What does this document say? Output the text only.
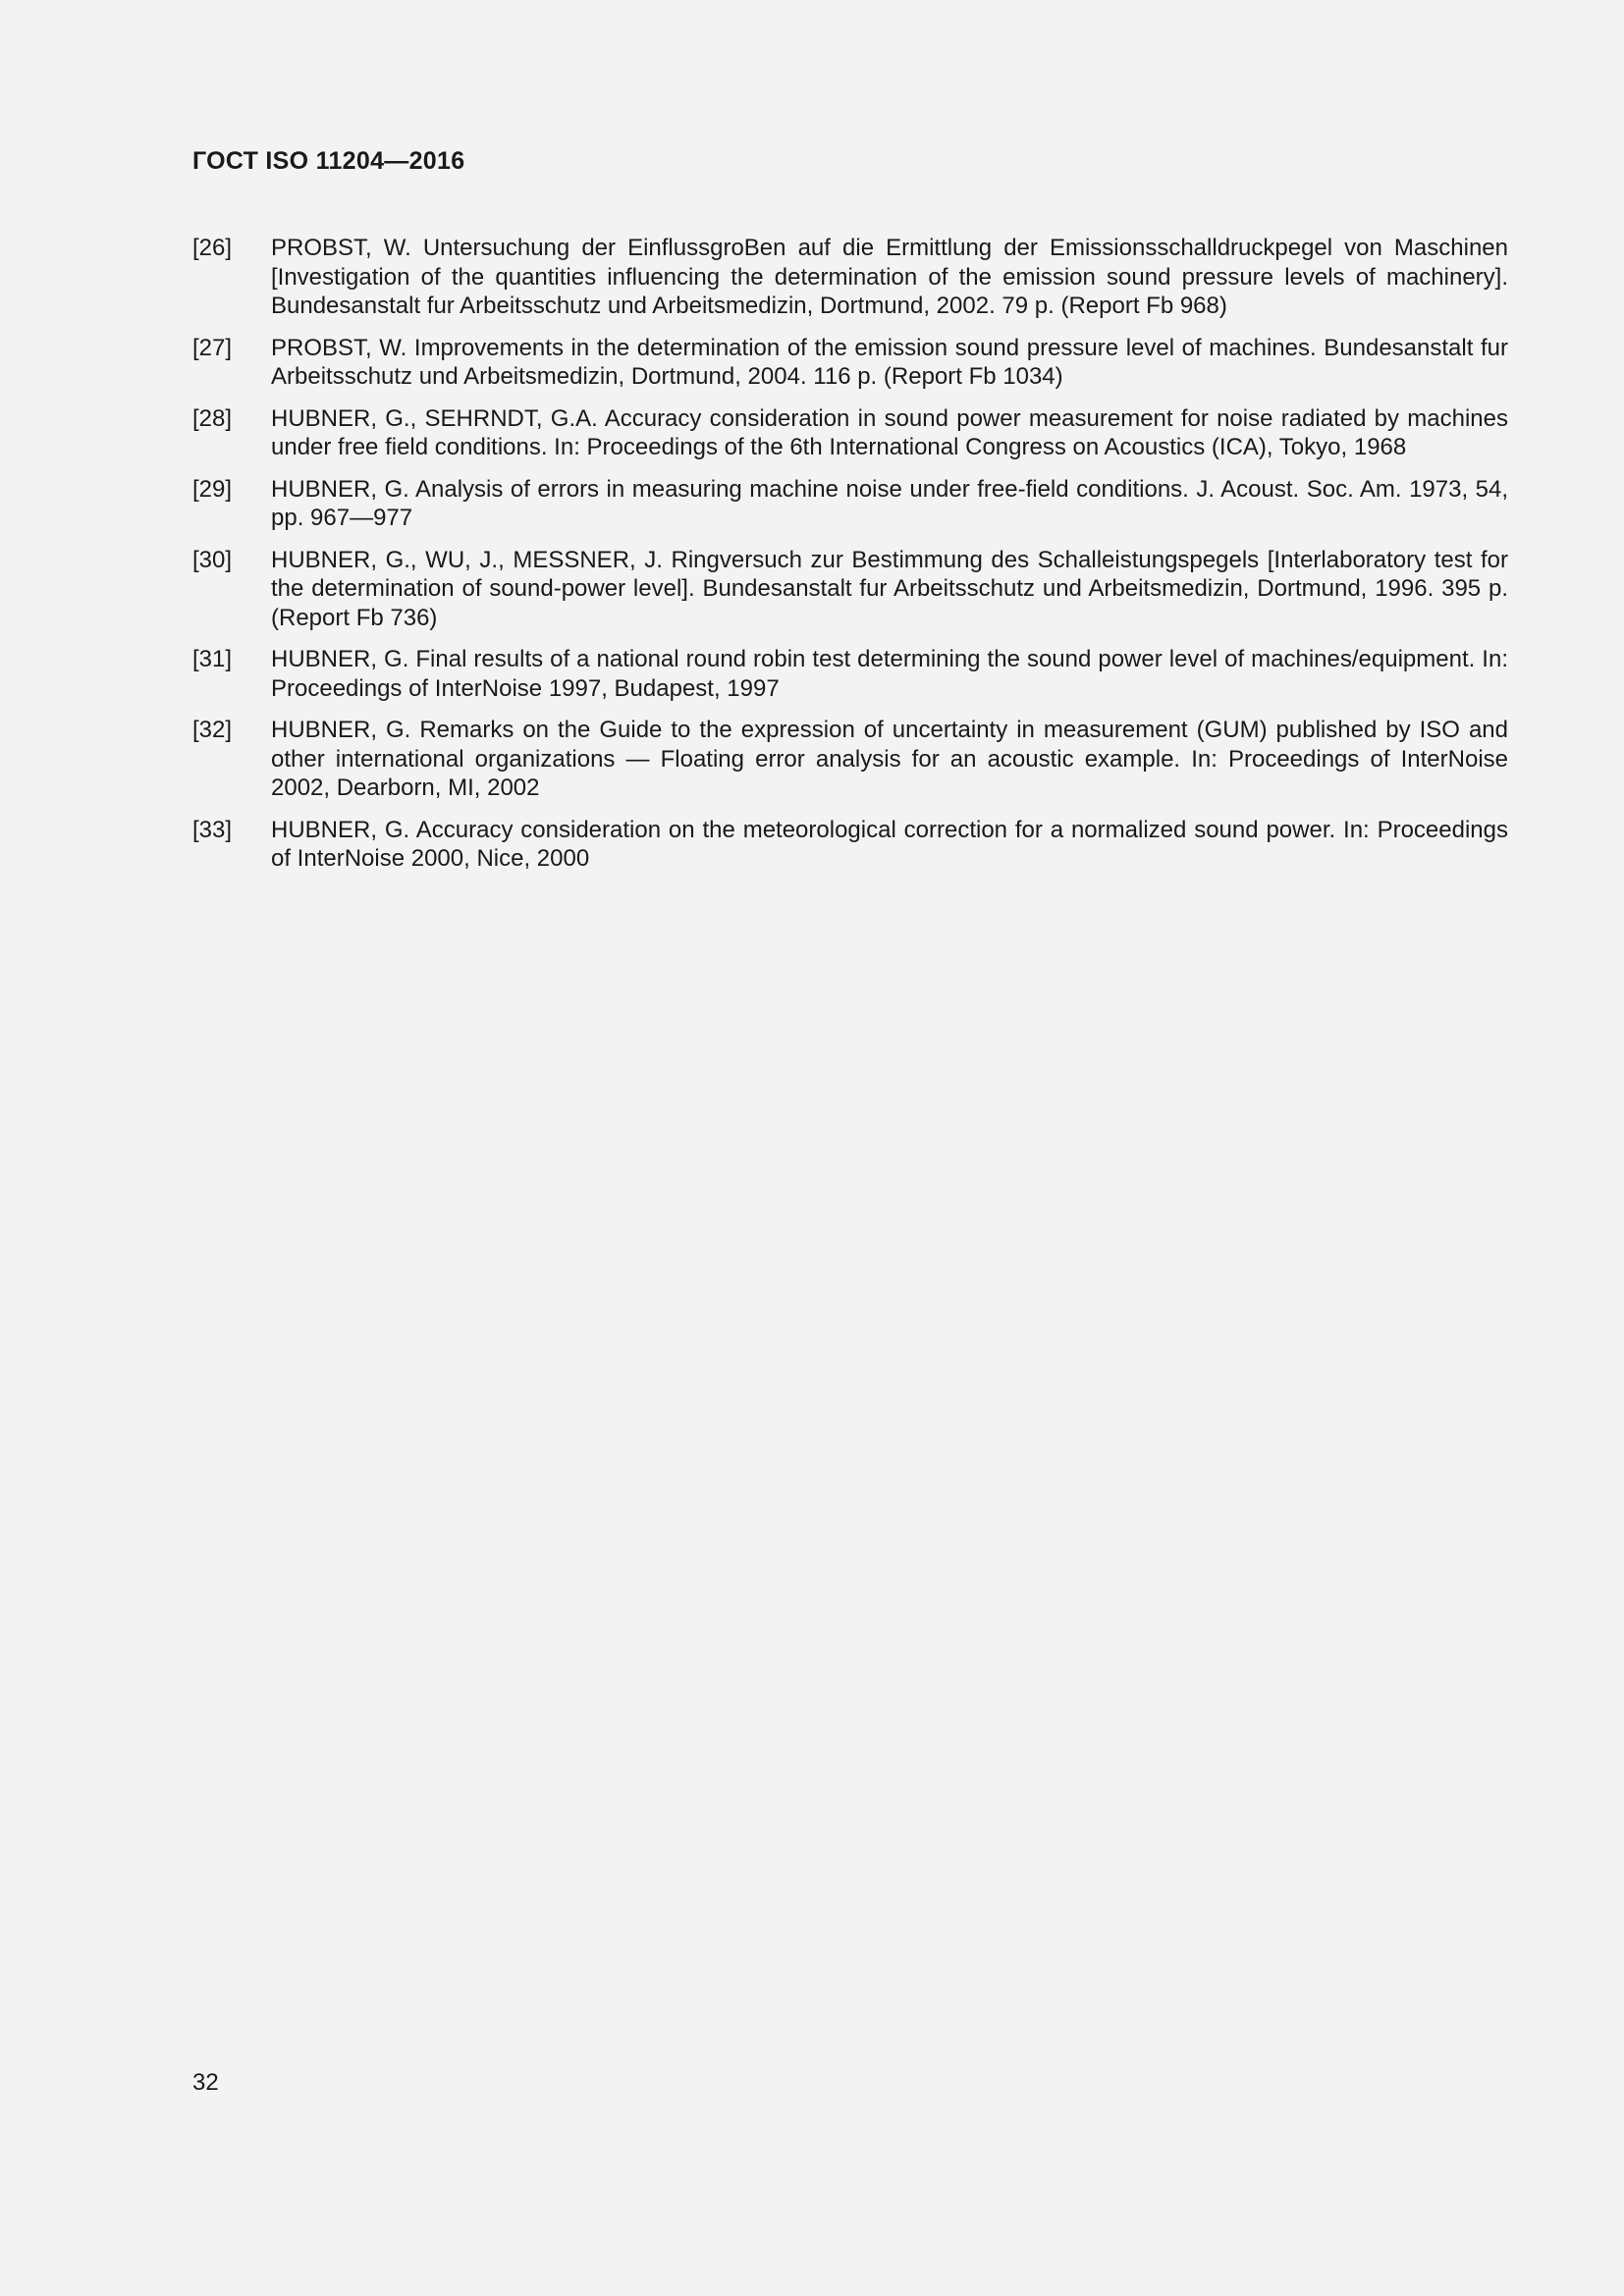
ГОСТ ISO 11204—2016
[26]	PROBST, W. Untersuchung der EinflussgroBen auf die Ermittlung der Emissionsschalldruckpegel von Maschinen [Investigation of the quantities influencing the determination of the emission sound pressure levels of machinery]. Bundesanstalt fur Arbeitsschutz und Arbeitsmedizin, Dortmund, 2002. 79 p. (Report Fb 968)
[27]	PROBST, W. Improvements in the determination of the emission sound pressure level of machines. Bundesanstalt fur Arbeitsschutz und Arbeitsmedizin, Dortmund, 2004. 116 p. (Report Fb 1034)
[28]	HUBNER, G., SEHRNDT, G.A. Accuracy consideration in sound power measurement for noise radiated by machines under free field conditions. In: Proceedings of the 6th International Congress on Acoustics (ICA), Tokyo, 1968
[29]	HUBNER, G. Analysis of errors in measuring machine noise under free-field conditions. J. Acoust. Soc. Am. 1973, 54, pp. 967—977
[30]	HUBNER, G., WU, J., MESSNER, J. Ringversuch zur Bestimmung des Schalleistungspegels [Interlaboratory test for the determination of sound-power level]. Bundesanstalt fur Arbeitsschutz und Arbeitsmedizin, Dortmund, 1996. 395 p. (Report Fb 736)
[31]	HUBNER, G. Final results of a national round robin test determining the sound power level of machines/equipment. In: Proceedings of InterNoise 1997, Budapest, 1997
[32]	HUBNER, G. Remarks on the Guide to the expression of uncertainty in measurement (GUM) published by ISO and other international organizations — Floating error analysis for an acoustic example. In: Proceedings of InterNoise 2002, Dearborn, MI, 2002
[33]	HUBNER, G. Accuracy consideration on the meteorological correction for a normalized sound power. In: Proceedings of InterNoise 2000, Nice, 2000

32
